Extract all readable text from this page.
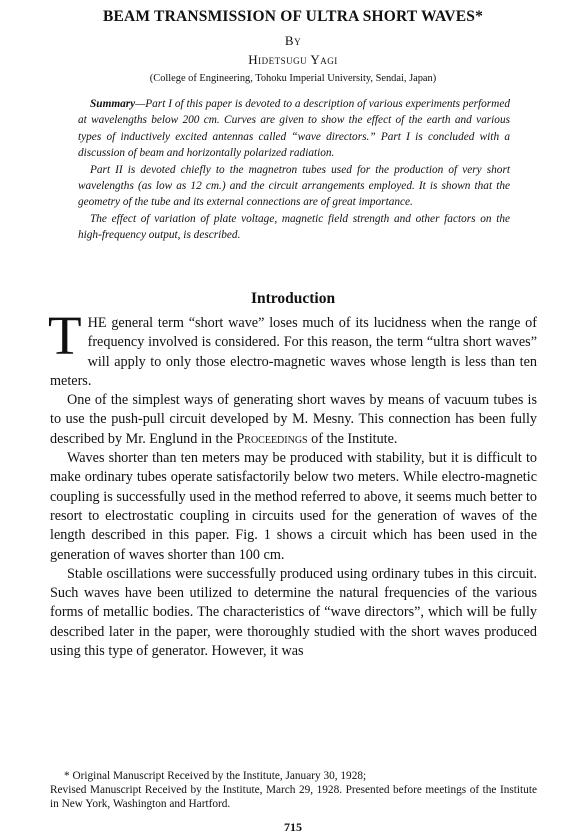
BEAM TRANSMISSION OF ULTRA SHORT WAVES*
By
Hidetsugu Yagi
(College of Engineering, Tohoku Imperial University, Sendai, Japan)

Summary—Part I of this paper is devoted to a description of various experiments performed at wavelengths below 200 cm. Curves are given to show the effect of the earth and various types of inductively excited antennas called “wave directors.” Part I is concluded with a discussion of beam and horizontally polarized radiation.

Part II is devoted chiefly to the magnetron tubes used for the production of very short wavelengths (as low as 12 cm.) and the circuit arrangements employed. It is shown that the geometry of the tube and its external connections are of great importance.

The effect of variation of plate voltage, magnetic field strength and other factors on the high-frequency output, is described.

Introduction

THE general term “short wave” loses much of its lucidness when the range of frequency involved is considered. For this reason, the term “ultra short waves” will apply to only those electro-magnetic waves whose length is less than ten meters.

One of the simplest ways of generating short waves by means of vacuum tubes is to use the push-pull circuit developed by M. Mesny. This connection has been fully described by Mr. Englund in the Proceedings of the Institute.

Waves shorter than ten meters may be produced with stability, but it is difficult to make ordinary tubes operate satisfactorily below two meters. While electro-magnetic coupling is successfully used in the method referred to above, it seems much better to resort to electrostatic coupling in circuits used for the generation of waves of the length described in this paper. Fig. 1 shows a circuit which has been used in the generation of waves shorter than 100 cm.

Stable oscillations were successfully produced using ordinary tubes in this circuit. Such waves have been utilized to determine the natural frequencies of the various forms of metallic bodies. The characteristics of “wave directors”, which will be fully described later in the paper, were thoroughly studied with the short waves produced using this type of generator. However, it was

* Original Manuscript Received by the Institute, January 30, 1928;

Revised Manuscript Received by the Institute, March 29, 1928. Presented before meetings of the Institute in New York, Washington and Hartford.

715
